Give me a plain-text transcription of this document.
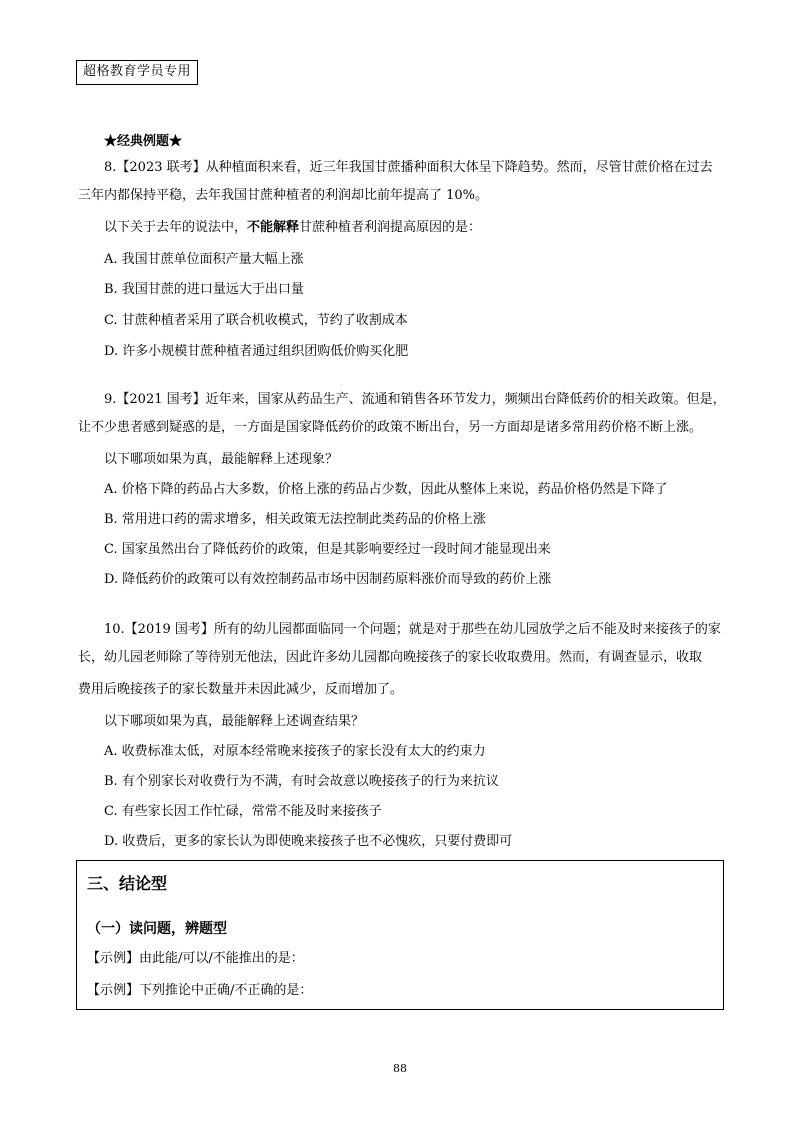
超格教育学员专用
★经典例题★
8.【2023 联考】从种植面积来看，近三年我国甘蔗播种面积大体呈下降趋势。然而，尽管甘蔗价格在过去
三年内都保持平稳，去年我国甘蔗种植者的利润却比前年提高了 10%。
以下关于去年的说法中，不能解释甘蔗种植者利润提高原因的是：
A. 我国甘蔗单位面积产量大幅上涨
B. 我国甘蔗的进口量远大于出口量
C. 甘蔗种植者采用了联合机收模式，节约了收割成本
D. 许多小规模甘蔗种植者通过组织团购低价购买化肥
9.【2021 国考】近年来，国家从药品生产、流通和销售各环节发力，频频出台降低药价的相关政策。但是，
让不少患者感到疑惑的是，一方面是国家降低药价的政策不断出台，另一方面却是诸多常用药价格不断上涨。
以下哪项如果为真，最能解释上述现象？
A. 价格下降的药品占大多数，价格上涨的药品占少数，因此从整体上来说，药品价格仍然是下降了
B. 常用进口药的需求增多，相关政策无法控制此类药品的价格上涨
C. 国家虽然出台了降低药价的政策，但是其影响要经过一段时间才能显现出来
D. 降低药价的政策可以有效控制药品市场中因制药原料涨价而导致的药价上涨
10.【2019 国考】所有的幼儿园都面临同一个问题；就是对于那些在幼儿园放学之后不能及时来接孩子的家
长，幼儿园老师除了等待别无他法，因此许多幼儿园都向晚接孩子的家长收取费用。然而，有调查显示，收取
费用后晚接孩子的家长数量并未因此减少，反而增加了。
以下哪项如果为真，最能解释上述调查结果？
A. 收费标准太低，对原本经常晚来接孩子的家长没有太大的约束力
B. 有个别家长对收费行为不满，有时会故意以晚接孩子的行为来抗议
C. 有些家长因工作忙碌，常常不能及时来接孩子
D. 收费后，更多的家长认为即使晚来接孩子也不必愧疚，只要付费即可
三、结论型
（一）读问题，辨题型
【示例】由此能/可以/不能推出的是：
【示例】下列推论中正确/不正确的是：
88
